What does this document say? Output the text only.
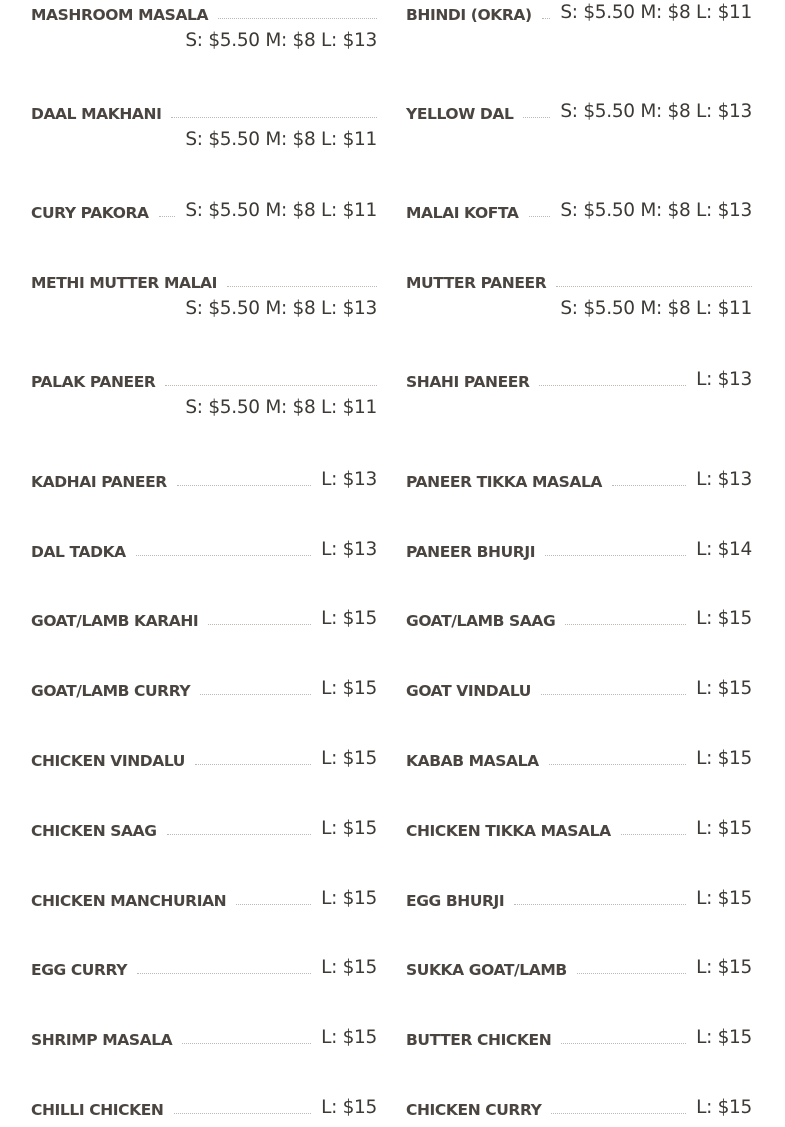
MASHROOM MASALA
S: $5.50 M: $8 L: $13
DAAL MAKHANI
S: $5.50 M: $8 L: $11
CURY PAKORA S: $5.50 M: $8 L: $11
METHI MUTTER MALAI
S: $5.50 M: $8 L: $13
PALAK PANEER
S: $5.50 M: $8 L: $11
KADHAI PANEER	L: $13
DAL TADKA	L: $13
GOAT/LAMB KARAHI	L: $15
GOAT/LAMB CURRY	L: $15
CHICKEN VINDALU	L: $15
CHICKEN SAAG	L: $15
CHICKEN MANCHURIAN	L: $15
EGG CURRY	L: $15
SHRIMP MASALA	L: $15
CHILLI CHICKEN	L: $15
BHINDI (OKRA) S: $5.50 M: $8 L: $11
YELLOW DAL	S: $5.50 M: $8 L: $13
MALAI KOFTA S: $5.50 M: $8 L: $13
MUTTER PANEER
S: $5.50 M: $8 L: $11
SHAHI PANEER	L: $13
PANEER TIKKA MASALA	L: $13
PANEER BHURJI	L: $14
GOAT/LAMB SAAG	L: $15
GOAT VINDALU	L: $15
KABAB MASALA	L: $15
CHICKEN TIKKA MASALA	L: $15
EGG BHURJI	L: $15
SUKKA GOAT/LAMB	L: $15
BUTTER CHICKEN	L: $15
CHICKEN CURRY	L: $15
